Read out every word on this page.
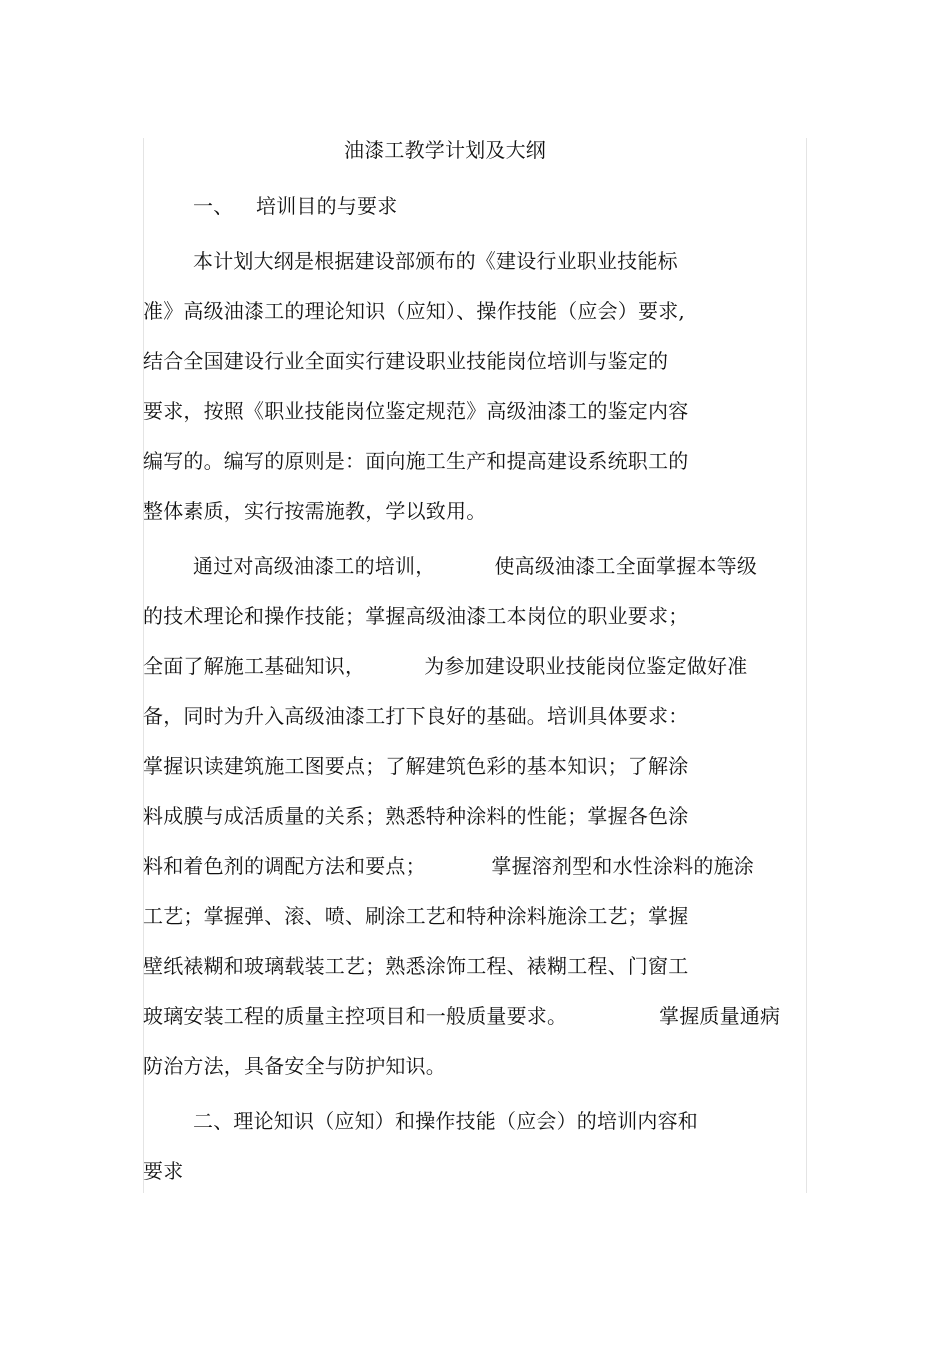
油漆工教学计划及大纲
一、 培训目的与要求
本计划大纲是根据建设部颁布的《建设行业职业技能标
准》高级油漆工的理论知识（应知）、操作技能（应会）要求,
结合全国建设行业全面实行建设职业技能岗位培训与鉴定的
要求，按照《职业技能岗位鉴定规范》高级油漆工的鉴定内容
编写的。编写的原则是：面向施工生产和提高建设系统职工的
整体素质，实行按需施教，学以致用。
通过对高级油漆工的培训，         使高级油漆工全面掌握本等级
的技术理论和操作技能；掌握高级油漆工本岗位的职业要求；
全面了解施工基础知识，         为参加建设职业技能岗位鉴定做好准
备，同时为升入高级油漆工打下良好的基础。培训具体要求：
掌握识读建筑施工图要点；了解建筑色彩的基本知识；了解涂
料成膜与成活质量的关系；熟悉特种涂料的性能；掌握各色涂
料和着色剂的调配方法和要点；          掌握溶剂型和水性涂料的施涂
工艺；掌握弹、滚、喷、刷涂工艺和特种涂料施涂工艺；掌握
壁纸裱糊和玻璃载装工艺；熟悉涂饰工程、裱糊工程、门窗工
玻璃安装工程的质量主控项目和一般质量要求。              掌握质量通病
防治方法，具备安全与防护知识。
二、理论知识（应知）和操作技能（应会）的培训内容和
要求
